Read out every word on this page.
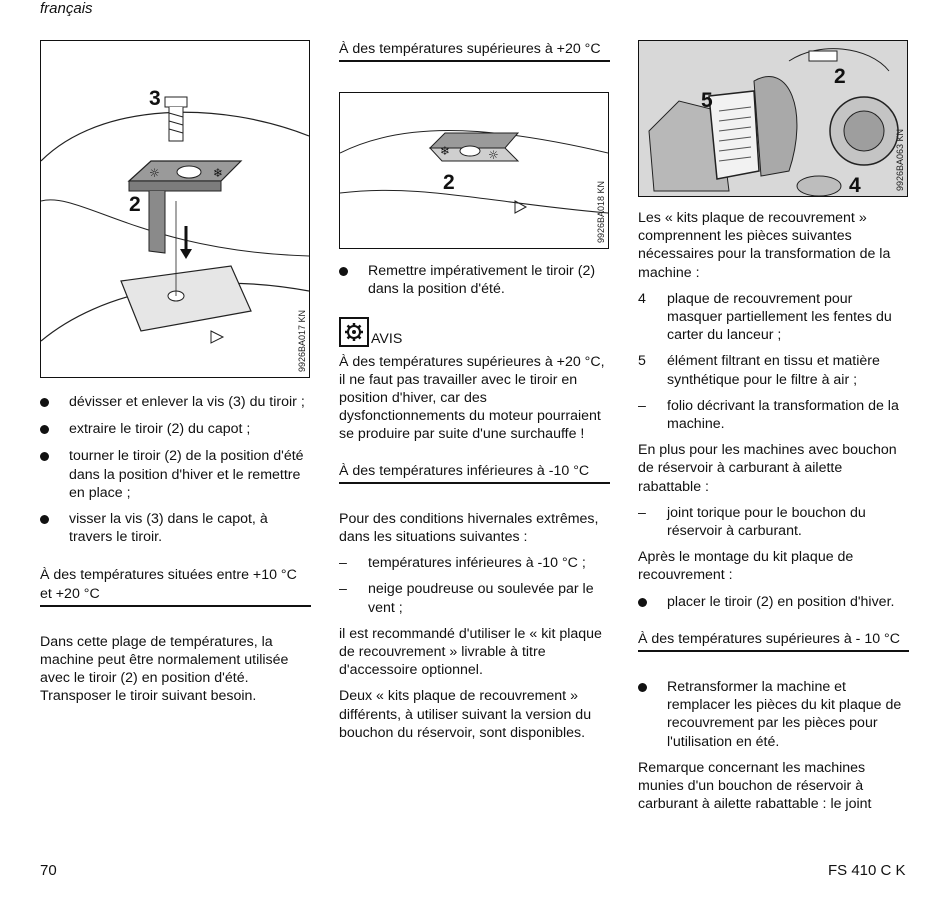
français
☼	❄
3
2
9926BA017 KN
dévisser et enlever la vis (3) du tiroir ;
extraire le tiroir (2) du capot ;
tourner le tiroir (2) de la position d'été dans la position d'hiver et le remettre en place ;
visser la vis (3) dans le capot, à travers le tiroir.
À des températures situées entre +10 °C et +20 °C

Dans cette plage de températures, la machine peut être normalement utilisée avec le tiroir (2) en position d'été. Transposer le tiroir suivant besoin.

À des températures supérieures à +20 °C
❄	☼
2	9926BA018 KN
Remettre impérativement le tiroir (2) dans la position d'été.
AVIS

À des températures supérieures à +20 °C, il ne faut pas travailler avec le tiroir en position d'hiver, car des dysfonctionnements du moteur pourraient se produire par suite d'une surchauffe !

À des températures inférieures à -10 °C

Pour des conditions hivernales extrêmes, dans les situations suivantes :

–	températures inférieures à -10 °C ;
–	neige poudreuse ou soulevée par le vent ;

il est recommandé d'utiliser le « kit plaque de recouvrement » livrable à titre d'accessoire optionnel.

Deux « kits plaque de recouvrement » différents, à utiliser suivant la version du bouchon du réservoir, sont disponibles.

2
5
4	9926BA063 KN

Les « kits plaque de recouvrement » comprennent les pièces suivantes nécessaires pour la transformation de la machine :

4	plaque de recouvrement pour masquer partiellement les fentes du carter du lanceur ;
5	élément filtrant en tissu et matière synthétique pour le filtre à air ;
–	folio décrivant la transformation de la machine.

En plus pour les machines avec bouchon de réservoir à carburant à ailette rabattable :

–	joint torique pour le bouchon du réservoir à carburant.

Après le montage du kit plaque de recouvrement :

placer le tiroir (2) en position d'hiver.
À des températures supérieures à - 10 °C
Retransformer la machine et remplacer les pièces du kit plaque de recouvrement par les pièces pour l'utilisation en été.

Remarque concernant les machines munies d'un bouchon de réservoir à carburant à ailette rabattable : le joint

70	FS 410 C K
